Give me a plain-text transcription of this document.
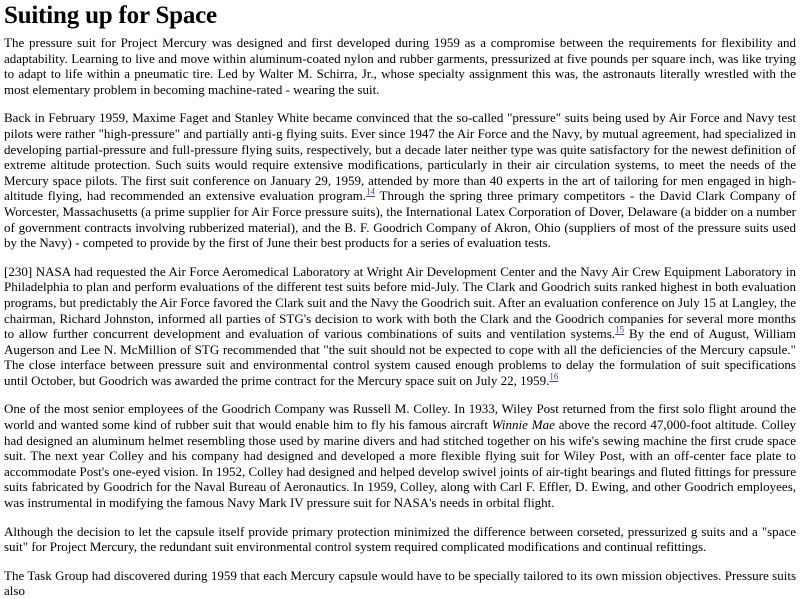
Suiting up for Space

The pressure suit for Project Mercury was designed and first developed during 1959 as a compromise between the requirements for flexibility and adaptability. Learning to live and move within aluminum-coated nylon and rubber garments, pressurized at five pounds per square inch, was like trying to adapt to life within a pneumatic tire. Led by Walter M. Schirra, Jr., whose specialty assignment this was, the astronauts literally wrestled with the most elementary problem in becoming machine-rated - wearing the suit.

Back in February 1959, Maxime Faget and Stanley White became convinced that the so-called "pressure" suits being used by Air Force and Navy test pilots were rather "high-pressure" and partially anti-g flying suits. Ever since 1947 the Air Force and the Navy, by mutual agreement, had specialized in developing partial-pressure and full-pressure flying suits, respectively, but a decade later neither type was quite satisfactory for the newest definition of extreme altitude protection. Such suits would require extensive modifications, particularly in their air circulation systems, to meet the needs of the Mercury space pilots. The first suit conference on January 29, 1959, attended by more than 40 experts in the art of tailoring for men engaged in high-altitude flying, had recommended an extensive evaluation program.$^{14}$ Through the spring three primary competitors - the David Clark Company of Worcester, Massachusetts (a prime supplier for Air Force pressure suits), the International Latex Corporation of Dover, Delaware (a bidder on a number of government contracts involving rubberized material), and the B. F. Goodrich Company of Akron, Ohio (suppliers of most of the pressure suits used by the Navy) - competed to provide by the first of June their best products for a series of evaluation tests.

[230] NASA had requested the Air Force Aeromedical Laboratory at Wright Air Development Center and the Navy Air Crew Equipment Laboratory in Philadelphia to plan and perform evaluations of the different test suits before mid-July. The Clark and Goodrich suits ranked highest in both evaluation programs, but predictably the Air Force favored the Clark suit and the Navy the Goodrich suit. After an evaluation conference on July 15 at Langley, the chairman, Richard Johnston, informed all parties of STG's decision to work with both the Clark and the Goodrich companies for several more months to allow further concurrent development and evaluation of various combinations of suits and ventilation systems.$^{15}$ By the end of August, William Augerson and Lee N. McMillion of STG recommended that "the suit should not be expected to cope with all the deficiencies of the Mercury capsule." The close interface between pressure suit and environmental control system caused enough problems to delay the formulation of suit specifications until October, but Goodrich was awarded the prime contract for the Mercury space suit on July 22, 1959.16

One of the most senior employees of the Goodrich Company was Russell M. Colley. In 1933, Wiley Post returned from the first solo flight around the world and wanted some kind of rubber suit that would enable him to fly his famous aircraft Winnie Mae above the record 47,000-foot altitude. Colley had designed an aluminum helmet resembling those used by marine divers and had stitched together on his wife's sewing machine the first crude space suit. The next year Colley and his company had designed and developed a more flexible flying suit for Wiley Post, with an off-center face plate to accommodate Post's one-eyed vision. In 1952, Colley had designed and helped develop swivel joints of air-tight bearings and fluted fittings for pressure suits fabricated by Goodrich for the Naval Bureau of Aeronautics. In 1959, Colley, along with Carl F. Effler, D. Ewing, and other Goodrich employees, was instrumental in modifying the famous Navy Mark IV pressure suit for NASA's needs in orbital flight.

Although the decision to let the capsule itself provide primary protection minimized the difference between corseted, pressurized g suits and a "space suit" for Project Mercury, the redundant suit environmental control system required complicated modifications and continual refittings.

The Task Group had discovered during 1959 that each Mercury capsule would have to be specially tailored to its own mission objectives. Pressure suits also
